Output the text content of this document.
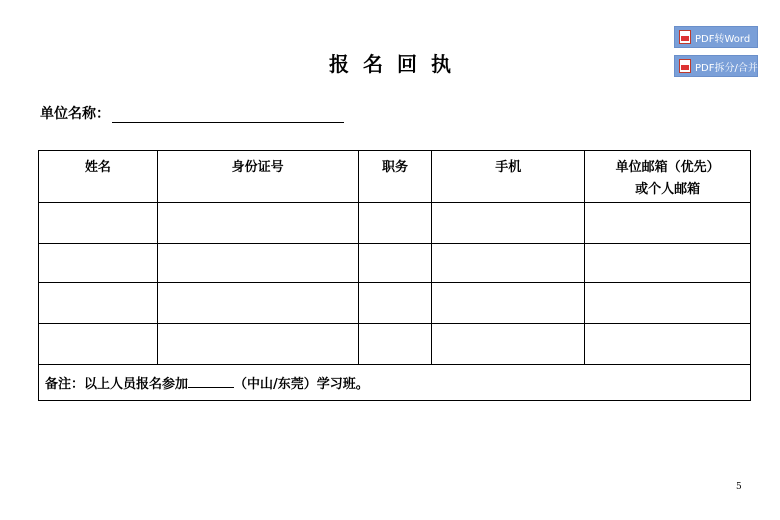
PDF转Word
PDF拆分/合并
报名回执
单位名称：
姓名	身份证号	职务	手机	单位邮箱（优先）
或个人邮箱

备注：以上人员报名参加 （中山/东莞）学习班。				
5
